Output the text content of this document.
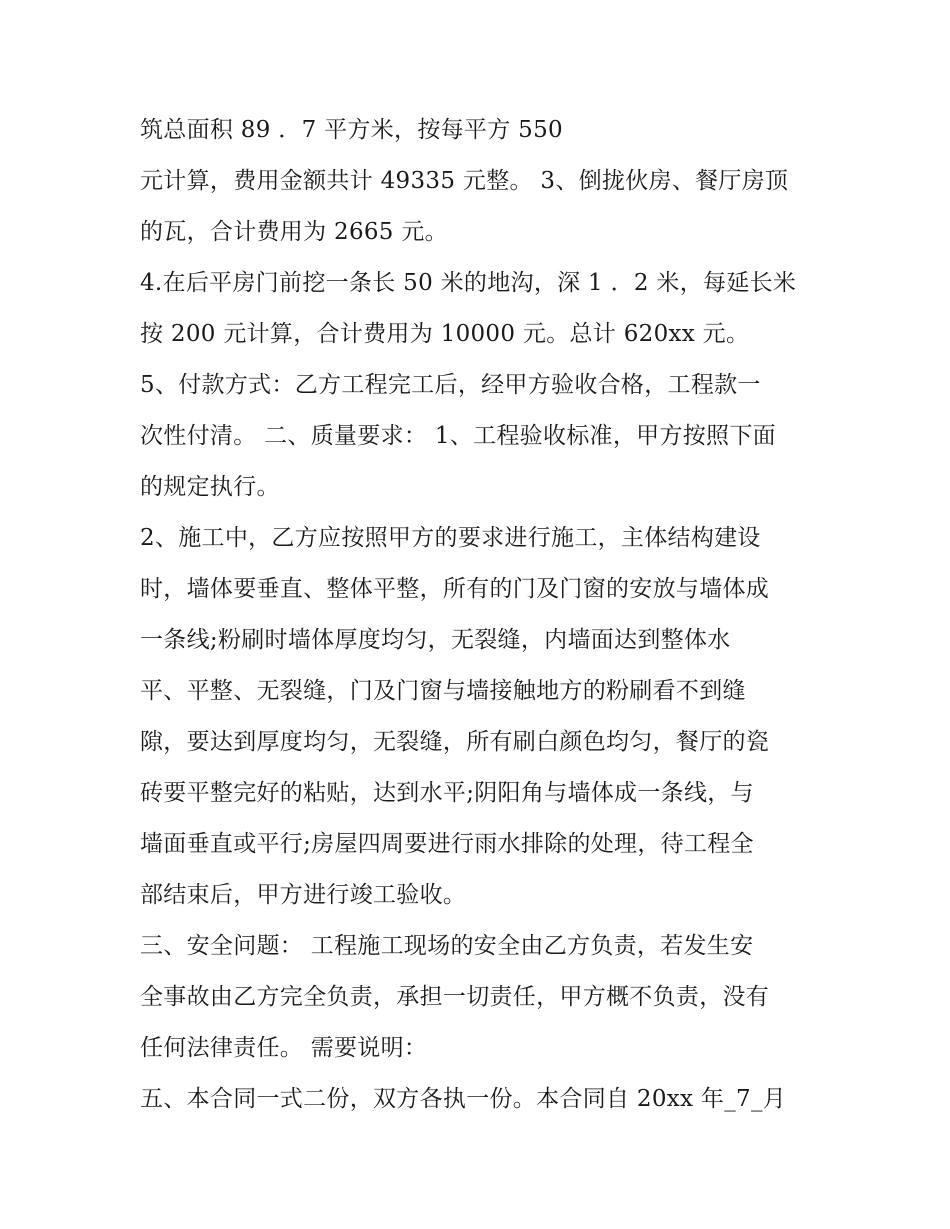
筑总面积 89 ．7 平方米，按每平方 550
元计算，费用金额共计 49335 元整。 3、倒拢伙房、餐厅房顶
的瓦，合计费用为 2665 元。
4.在后平房门前挖一条长 50 米的地沟，深 1 ．2 米，每延长米
按 200 元计算，合计费用为 10000 元。总计 620xx 元。
5、付款方式：乙方工程完工后，经甲方验收合格，工程款一
次性付清。 二、质量要求： 1、工程验收标准，甲方按照下面
的规定执行。
2、施工中，乙方应按照甲方的要求进行施工，主体结构建设
时，墙体要垂直、整体平整，所有的门及门窗的安放与墙体成
一条线;粉刷时墙体厚度均匀，无裂缝，内墙面达到整体水
平、平整、无裂缝，门及门窗与墙接触地方的粉刷看不到缝
隙，要达到厚度均匀，无裂缝，所有刷白颜色均匀，餐厅的瓷
砖要平整完好的粘贴，达到水平;阴阳角与墙体成一条线，与
墙面垂直或平行;房屋四周要进行雨水排除的处理，待工程全
部结束后，甲方进行竣工验收。
三、安全问题： 工程施工现场的安全由乙方负责，若发生安
全事故由乙方完全负责，承担一切责任，甲方概不负责，没有
任何法律责任。 需要说明：
五、本合同一式二份，双方各执一份。本合同自 20xx 年_7_月
